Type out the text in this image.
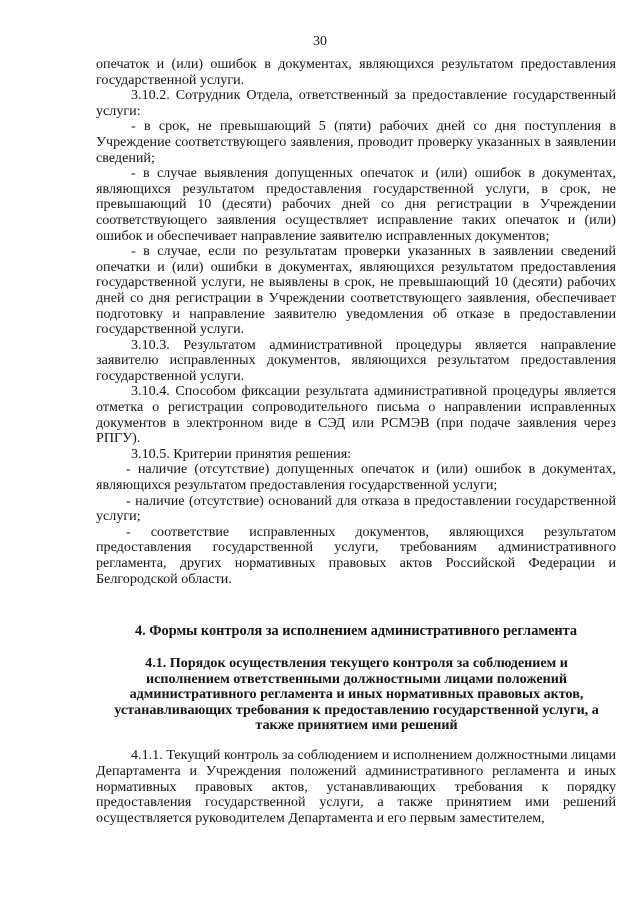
30

опечаток и (или) ошибок в документах, являющихся результатом предоставления государственной услуги.

3.10.2. Сотрудник Отдела, ответственный за предоставление государственный услуги:

- в срок, не превышающий 5 (пяти) рабочих дней со дня поступления в Учреждение соответствующего заявления, проводит проверку указанных в заявлении сведений;

- в случае выявления допущенных опечаток и (или) ошибок в документах, являющихся результатом предоставления государственной услуги, в срок, не превышающий 10 (десяти) рабочих дней со дня регистрации в Учреждении соответствующего заявления осуществляет исправление таких опечаток и (или) ошибок и обеспечивает направление заявителю исправленных документов;

- в случае, если по результатам проверки указанных в заявлении сведений опечатки и (или) ошибки в документах, являющихся результатом предоставления государственной услуги, не выявлены в срок, не превышающий 10 (десяти) рабочих дней со дня регистрации в Учреждении соответствующего заявления, обеспечивает подготовку и направление заявителю уведомления об отказе в предоставлении государственной услуги.

3.10.3. Результатом административной процедуры является направление заявителю исправленных документов, являющихся результатом предоставления государственной услуги.

3.10.4. Способом фиксации результата административной процедуры является отметка о регистрации сопроводительного письма о направлении исправленных документов в электронном виде в СЭД или РСМЭВ (при подаче заявления через РПГУ).

3.10.5. Критерии принятия решения:

- наличие (отсутствие) допущенных опечаток и (или) ошибок в документах, являющихся результатом предоставления государственной услуги;

- наличие (отсутствие) оснований для отказа в предоставлении государственной услуги;

- соответствие исправленных документов, являющихся результатом предоставления государственной услуги, требованиям административного регламента, других нормативных правовых актов Российской Федерации и Белгородской области.

4. Формы контроля за исполнением административного регламента
4.1. Порядок осуществления текущего контроля за соблюдением и исполнением ответственными должностными лицами положений административного регламента и иных нормативных правовых актов, устанавливающих требования к предоставлению государственной услуги, а также принятием ими решений

4.1.1. Текущий контроль за соблюдением и исполнением должностными лицами Департамента и Учреждения положений административного регламента и иных нормативных правовых актов, устанавливающих требования к порядку предоставления государственной услуги, а также принятием ими решений осуществляется руководителем Департамента и его первым заместителем,
